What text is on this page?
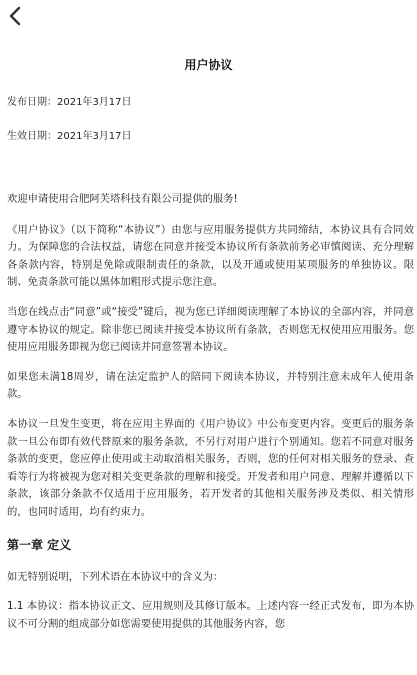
用户协议

发布日期：2021年3月17日

生效日期：2021年3月17日

欢迎申请使用合肥阿芙塔科技有限公司提供的服务!

《用户协议》（以下简称“本协议”）由您与应用服务提供方共同缔结，本协议具有合同效力。为保障您的合法权益，请您在同意并接受本协议所有条款前务必审慎阅读、充分理解各条款内容，特别是免除或限制责任的条款，以及开通或使用某项服务的单独协议。限制、免责条款可能以黑体加粗形式提示您注意。

当您在线点击“同意”或“接受”键后，视为您已详细阅读理解了本协议的全部内容，并同意遵守本协议的规定。除非您已阅读并接受本协议所有条款，否则您无权使用应用服务。您使用应用服务即视为您已阅读并同意签署本协议。

如果您未满18周岁，请在法定监护人的陪同下阅读本协议，并特别注意未成年人使用条款。

本协议一旦发生变更，将在应用主界面的《用户协议》中公布变更内容。变更后的服务条款一旦公布即有效代替原来的服务条款，不另行对用户进行个别通知。您若不同意对服务条款的变更，您应停止使用或主动取消相关服务，否则，您的任何对相关服务的登录、查看等行为将被视为您对相关变更条款的理解和接受。开发者和用户同意、理解并遵循以下条款，该部分条款不仅适用于应用服务，若开发者的其他相关服务涉及类似、相关情形的，也同时适用，均有约束力。

第一章 定义

如无特别说明，下列术语在本协议中的含义为：

1.1 本协议：指本协议正文、应用规则及其修订版本。上述内容一经正式发布，即为本协议不可分割的组成部分如您需要使用提供的其他服务内容，您
